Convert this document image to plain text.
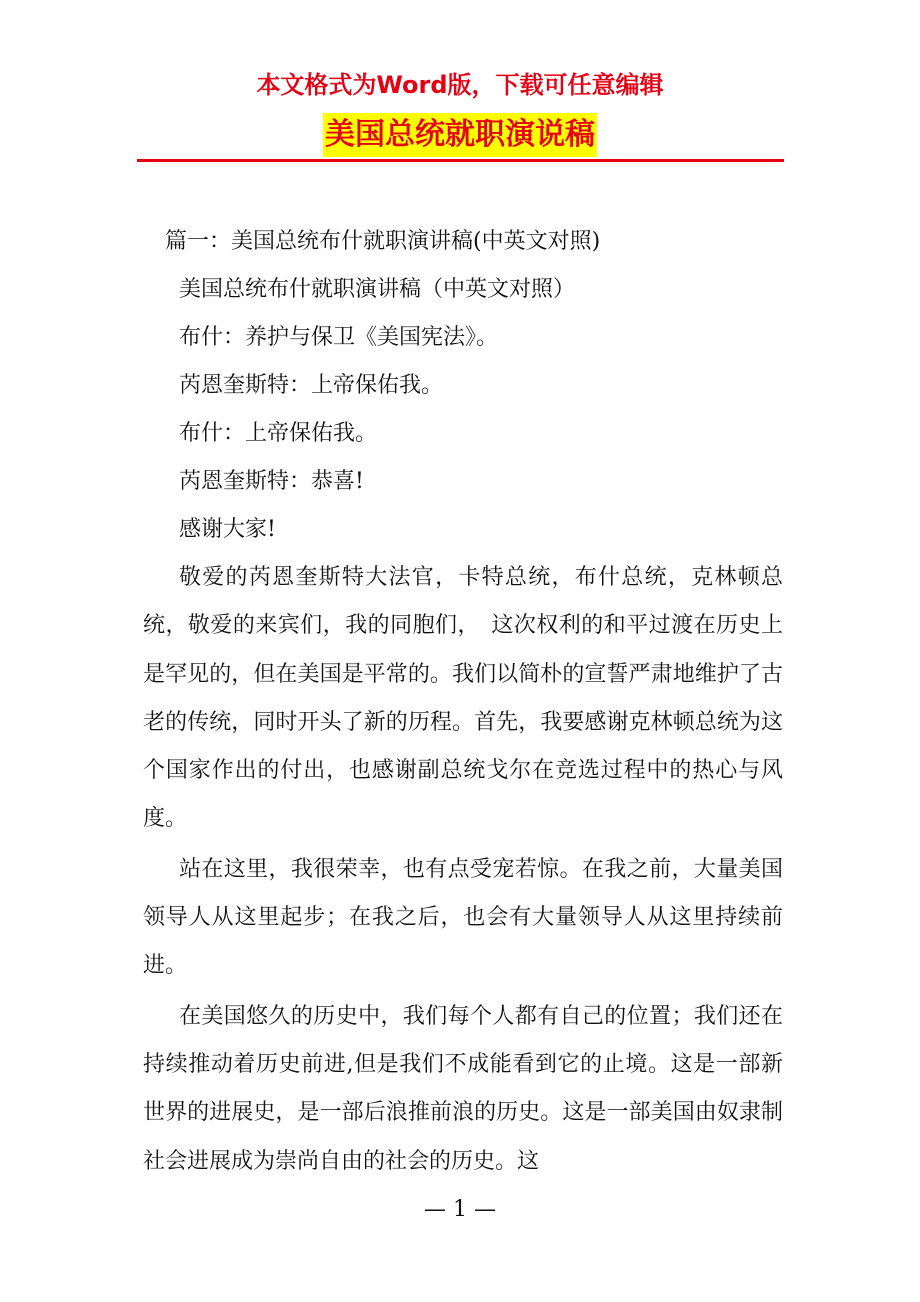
本文格式为Word版，下载可任意编辑
美国总统就职演说稿
篇一：美国总统布什就职演讲稿(中英文对照)
美国总统布什就职演讲稿（中英文对照）
布什：养护与保卫《美国宪法》。
芮恩奎斯特：上帝保佑我。
布什：上帝保佑我。
芮恩奎斯特：恭喜!
感谢大家!

敬爱的芮恩奎斯特大法官，卡特总统，布什总统，克林顿总统，敬爱的来宾们，我的同胞们，　这次权利的和平过渡在历史上是罕见的，但在美国是平常的。我们以简朴的宣誓严肃地维护了古老的传统，同时开头了新的历程。首先，我要感谢克林顿总统为这个国家作出的付出，也感谢副总统戈尔在竞选过程中的热心与风度。

站在这里，我很荣幸，也有点受宠若惊。在我之前，大量美国领导人从这里起步；在我之后，也会有大量领导人从这里持续前进。

在美国悠久的历史中，我们每个人都有自己的位置；我们还在持续推动着历史前进,但是我们不成能看到它的止境。这是一部新世界的进展史，是一部后浪推前浪的历史。这是一部美国由奴隶制社会进展成为崇尚自由的社会的历史。这

— 1 —
